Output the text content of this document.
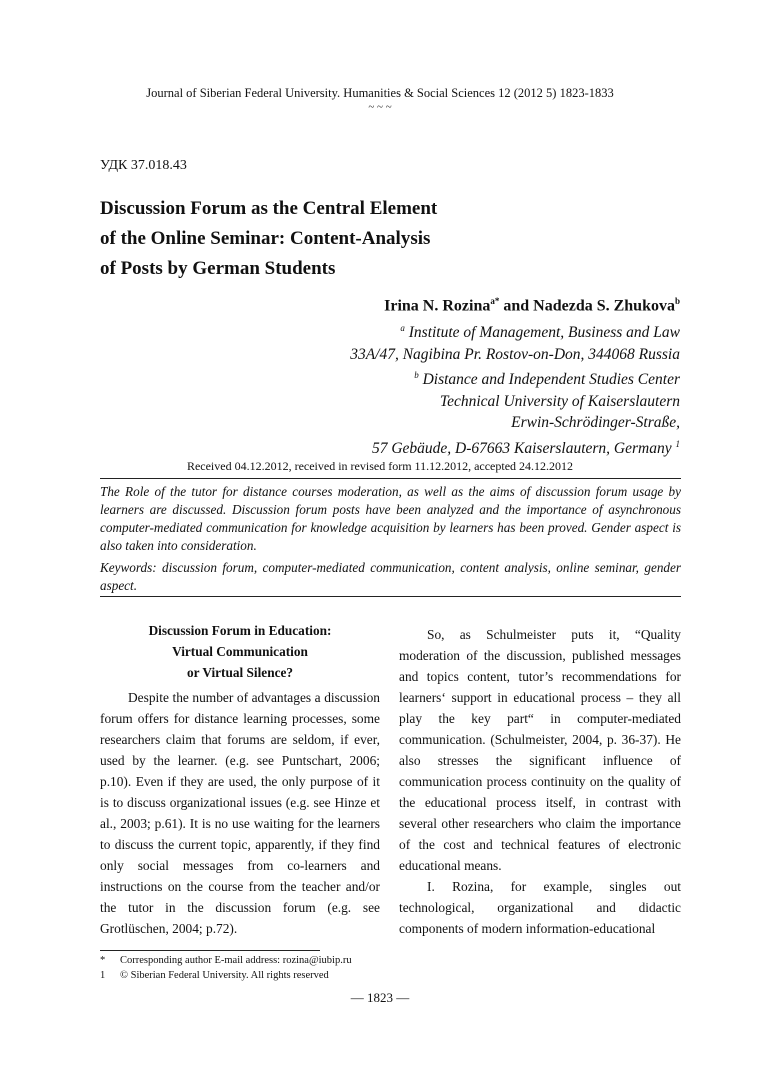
Journal of Siberian Federal University. Humanities & Social Sciences 12 (2012 5) 1823-1833
~ ~ ~
УДК 37.018.43
Discussion Forum as the Central Element
of the Online Seminar: Content-Analysis
of Posts by German Students
Irina N. Rozina$^{a*}$ and Nadezda S. Zhukova$^b$
$^a$ Institute of Management, Business and Law
33A/47, Nagibina Pr. Rostov-on-Don, 344068 Russia
$^b$ Distance and Independent Studies Center
Technical University of Kaiserslautern
Erwin-Schrödinger-Straße,
57 Gebäude, D-67663 Kaiserslautern, Germany $^1$
Received 04.12.2012, received in revised form 11.12.2012, accepted 24.12.2012
The Role of the tutor for distance courses moderation, as well as the aims of discussion forum usage by learners are discussed. Discussion forum posts have been analyzed and the importance of asynchronous computer-mediated communication for knowledge acquisition by learners has been proved. Gender aspect is also taken into consideration.
Keywords: discussion forum, computer-mediated communication, content analysis, online seminar, gender aspect.
Discussion Forum in Education:
Virtual Communication
or Virtual Silence?

Despite the number of advantages a discussion forum offers for distance learning processes, some researchers claim that forums are seldom, if ever, used by the learner. (e.g. see Puntschart, 2006; p.10). Even if they are used, the only purpose of it is to discuss organizational issues (e.g. see Hinze et al., 2003; p.61). It is no use waiting for the learners to discuss the current topic, apparently, if they find only social messages from co-learners and instructions on the course from the teacher and/or the tutor in the discussion forum (e.g. see Grotlüschen, 2004; p.72).

So, as Schulmeister puts it, “Quality moderation of the discussion, published messages and topics content, tutor’s recommendations for learners‘ support in educational process – they all play the key part“ in computer-mediated communication. (Schulmeister, 2004, p. 36-37). He also stresses the significant influence of communication process continuity on the quality of the educational process itself, in contrast with several other researchers who claim the importance of the cost and technical features of electronic educational means.

I. Rozina, for example, singles out technological, organizational and didactic components of modern information-educational

*	Corresponding author E-mail address: rozina@iubip.ru
1	© Siberian Federal University. All rights reserved
— 1823 —
